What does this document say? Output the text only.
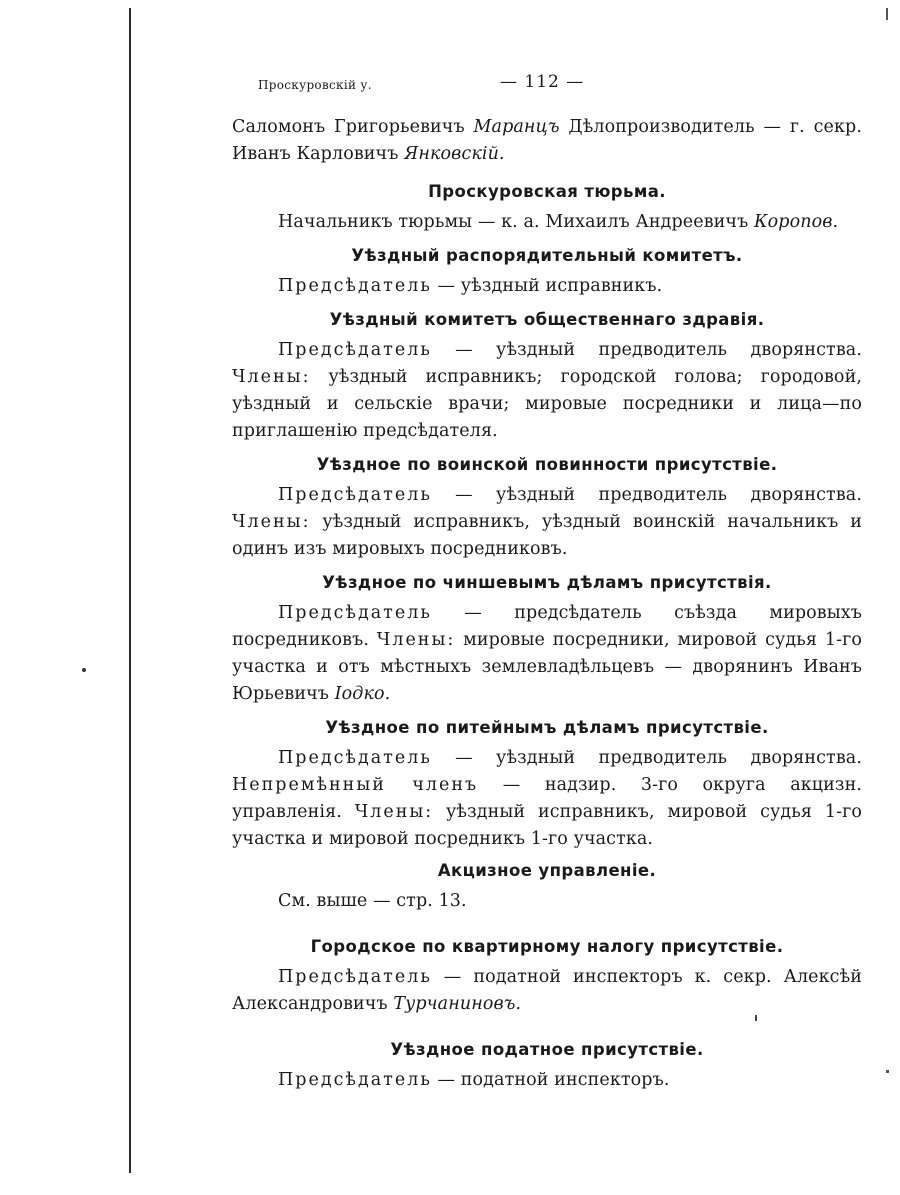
Проскуровскій у.	— 112 —

Саломонъ Григорьевичъ Маранцъ Дѣлопроизводитель — г. секр. Иванъ Карловичъ Янковскій.

Проскуровская тюрьма.

Начальникъ тюрьмы — к. а. Михаилъ Андреевичъ Коропов.

Уѣздный распорядительный комитетъ.

Предсѣдатель — уѣздный исправникъ.

Уѣздный комитетъ общественнаго здравія.

Предсѣдатель — уѣздный предводитель дворянства. Члены: уѣздный исправникъ; городской голова; городовой, уѣздный и сельскіе врачи; мировые посредники и лица—по приглашенію предсѣдателя.

Уѣздное по воинской повинности присутствіе.

Предсѣдатель — уѣздный предводитель дворянства. Члены: уѣздный исправникъ, уѣздный воинскій начальникъ и одинъ изъ мировыхъ посредниковъ.

Уѣздное по чиншевымъ дѣламъ присутствія.

Предсѣдатель — предсѣдатель съѣзда мировыхъ посредниковъ. Члены: мировые посредники, мировой судья 1-го участка и отъ мѣстныхъ землевладѣльцевъ — дворянинъ Иванъ Юрьевичъ Іодко.

Уѣздное по питейнымъ дѣламъ присутствіе.

Предсѣдатель — уѣздный предводитель дворянства. Непремѣнный членъ — надзир. 3-го округа акцизн. управленія. Члены: уѣздный исправникъ, мировой судья 1-го участка и мировой посредникъ 1-го участка.

Акцизное управленіе.

См. выше — стр. 13.

Городское по квартирному налогу присутствіе.

Предсѣдатель — податной инспекторъ к. секр. Алексѣй Александровичъ Турчаниновъ.

Уѣздное податное присутствіе.

Предсѣдатель — податной инспекторъ.
